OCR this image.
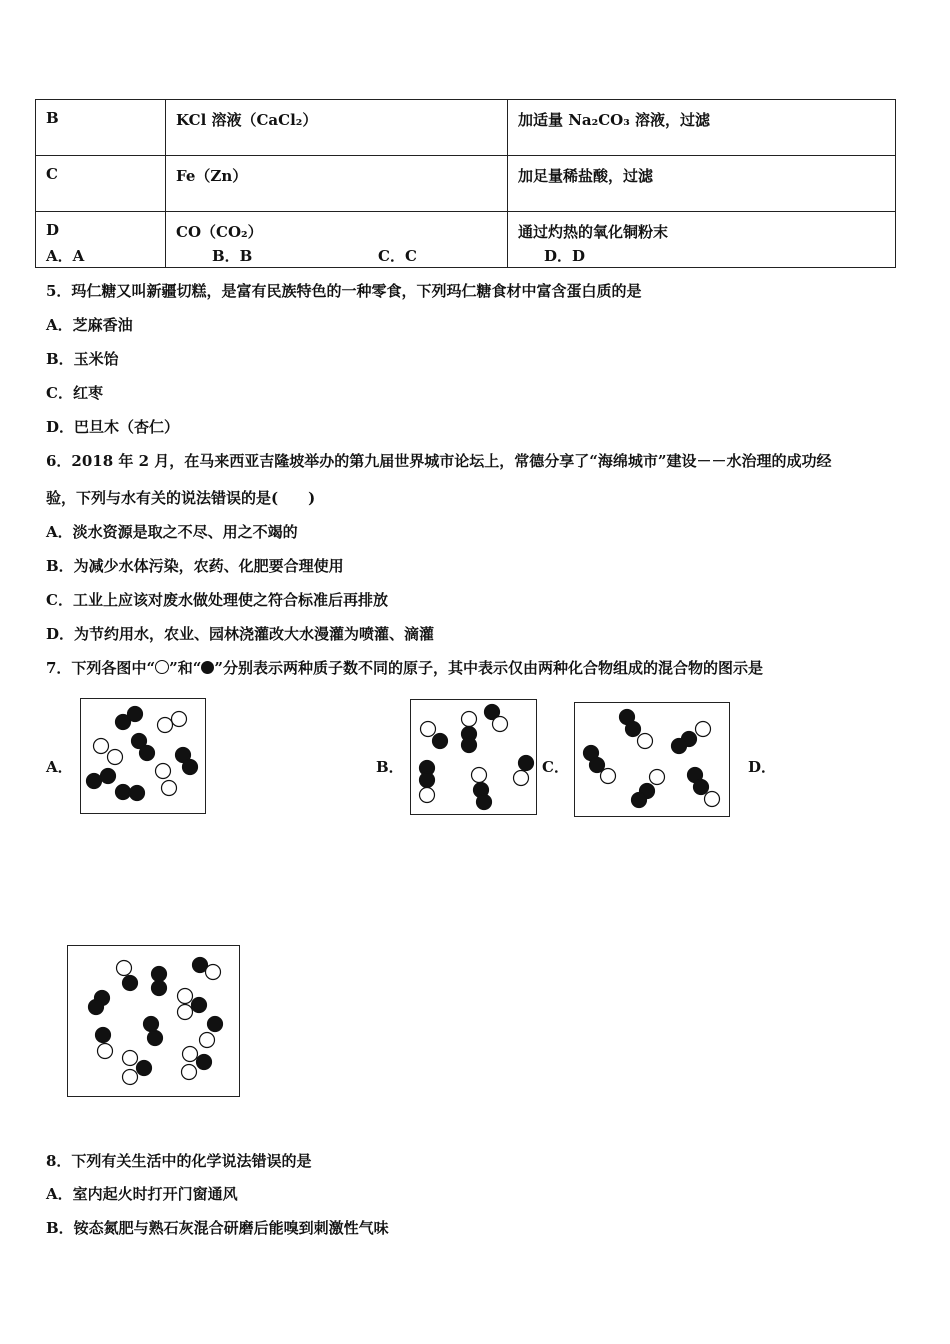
B	KCl 溶液（CaCl₂）	加适量 Na₂CO₃ 溶液，过滤
C	Fe（Zn）	加足量稀盐酸，过滤
D	CO（CO₂）	通过灼热的氧化铜粉末
A．A	B．B	C．C	D．D
5．玛仁糖又叫新疆切糕，是富有民族特色的一种零食，下列玛仁糖食材中富含蛋白质的是
A．芝麻香油
B．玉米饴
C．红枣
D．巴旦木（杏仁）
6．2018 年 2 月，在马来西亚吉隆坡举办的第九届世界城市论坛上，常德分享了“海绵城市”建设－－水治理的成功经
验，下列与水有关的说法错误的是(　　)
A．淡水资源是取之不尽、用之不竭的
B．为减少水体污染，农药、化肥要合理使用
C．工业上应该对废水做处理使之符合标准后再排放
D．为节约用水，农业、园林浇灌改大水漫灌为喷灌、滴灌
7．下列各图中“ ”和“ ”分别表示两种质子数不同的原子，其中表示仅由两种化合物组成的混合物的图示是
A．	B．	C．	D．
8．下列有关生活中的化学说法错误的是
A．室内起火时打开门窗通风
B．铵态氮肥与熟石灰混合研磨后能嗅到刺激性气味
